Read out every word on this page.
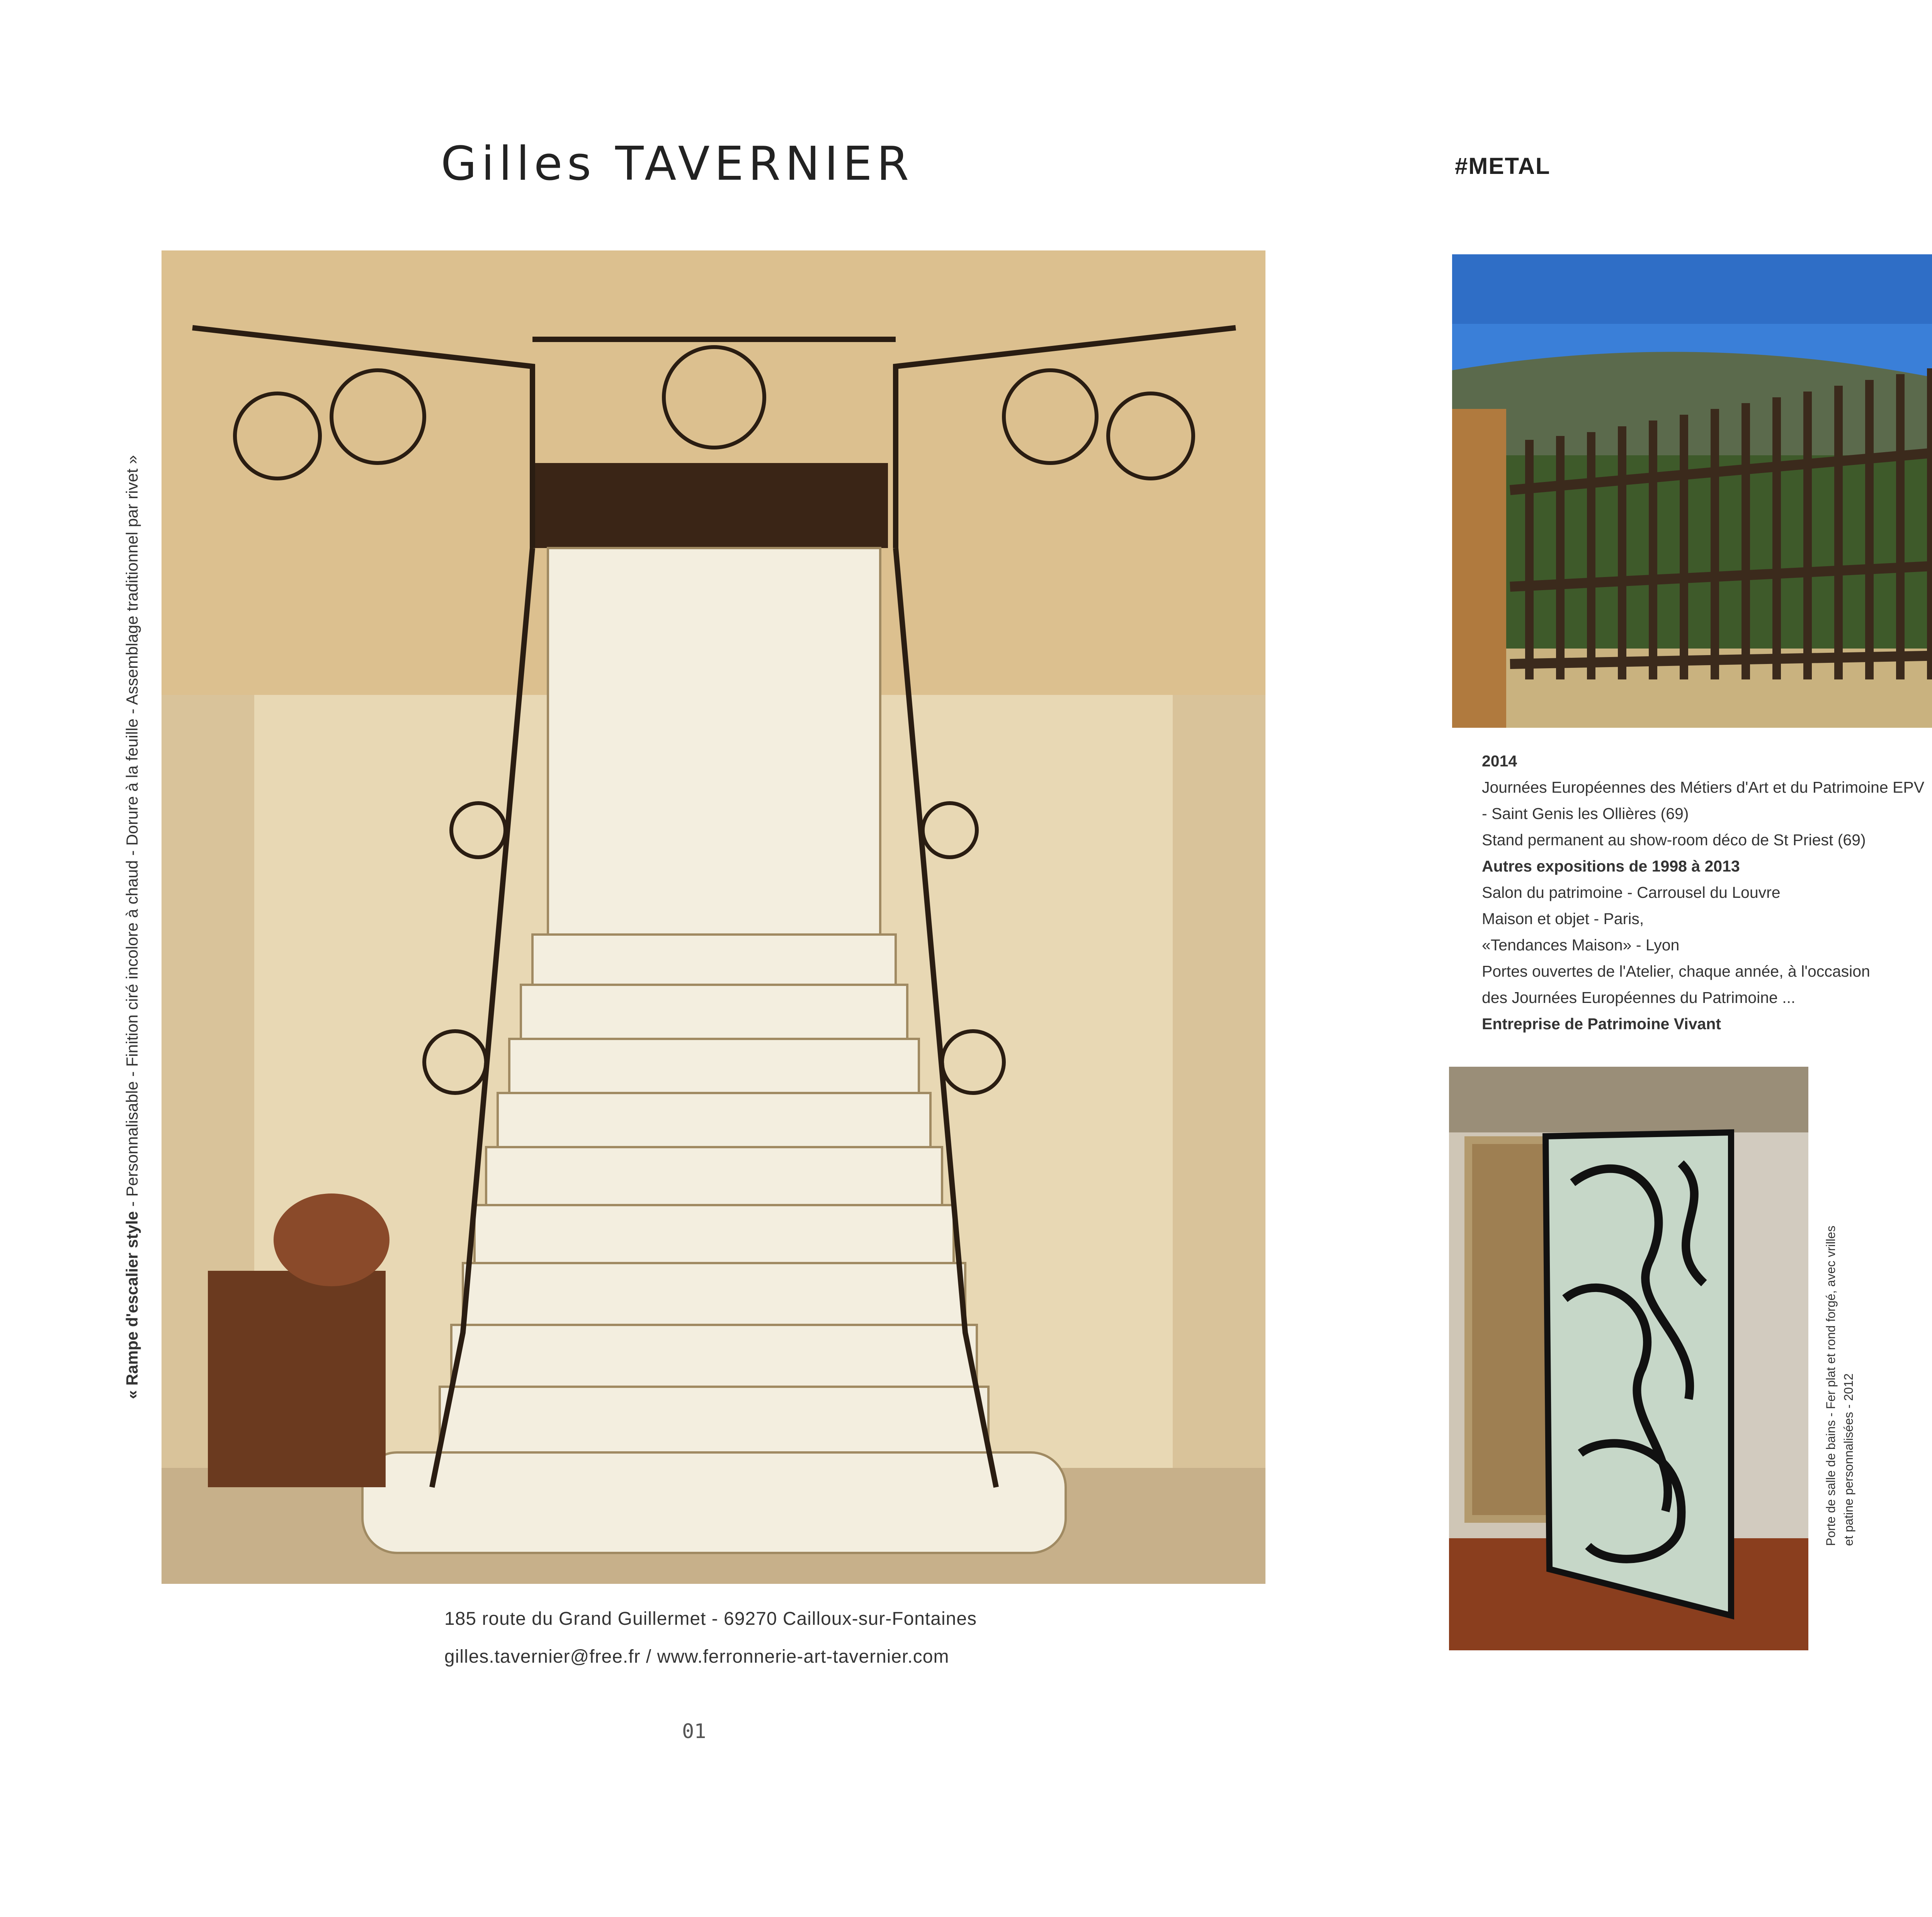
Gilles TAVERNIER
« Rampe d'escalier style - Personnalisable - Finition ciré incolore à chaud - Dorure à la feuille - Assemblage traditionnel par rivet »
185 route du Grand Guillermet - 69270 Cailloux-sur-Fontaines
gilles.tavernier@free.fr / www.ferronnerie-art-tavernier.com
01
#METAL
2014
Journées Européennes des Métiers d'Art et du Patrimoine EPV
- Saint Genis les Ollières (69)
Stand permanent au show-room déco de St Priest (69)
Autres expositions de 1998 à 2013
Salon du patrimoine - Carrousel du Louvre
Maison et objet - Paris,
«Tendances Maison» - Lyon
Portes ouvertes de l'Atelier, chaque année, à l'occasion
des Journées Européennes du Patrimoine ...
Entreprise de Patrimoine Vivant
Porte de salle de bains - Fer plat et rond forgé, avec vrilles et patine personnalisées - 2012
